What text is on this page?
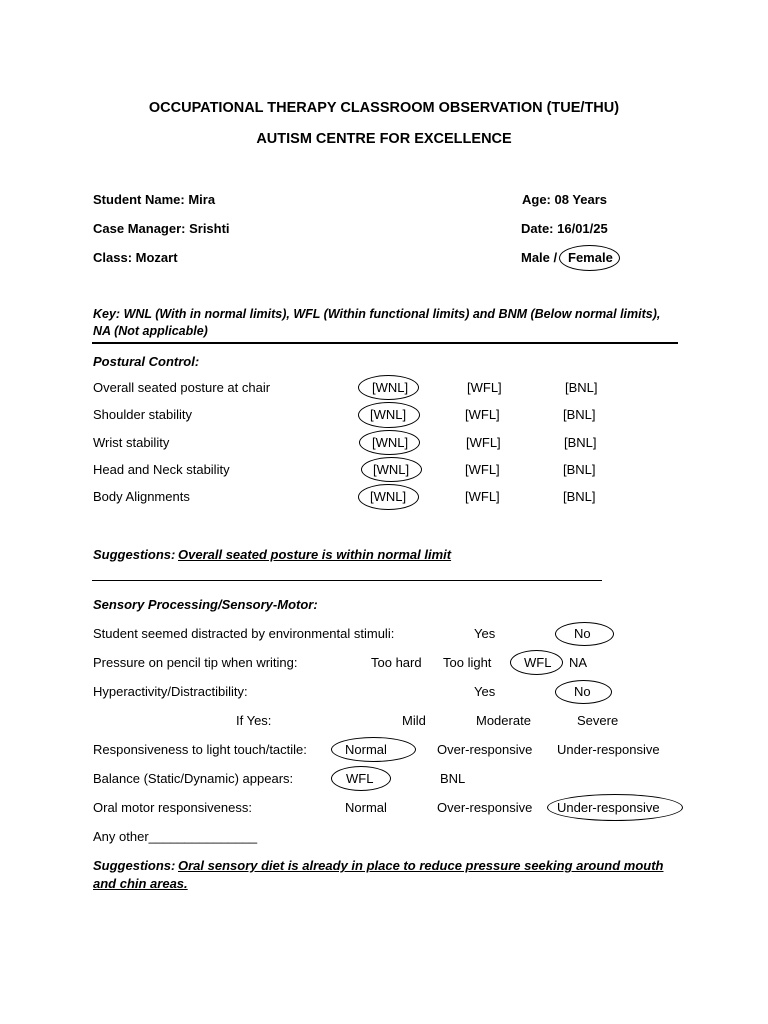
OCCUPATIONAL THERAPY CLASSROOM OBSERVATION (TUE/THU)
AUTISM CENTRE FOR EXCELLENCE
Student Name: Mira	Age: 08 Years
Case Manager: Srishti	Date: 16/01/25
Class: Mozart	Male / Female
Key: WNL (With in normal limits), WFL (Within functional limits) and BNM (Below normal limits),
NA (Not applicable)
Postural Control:
Overall seated posture at chair	[WNL]	[WFL]	[BNL]
Shoulder stability	[WNL]	[WFL]	[BNL]
Wrist stability	[WNL]	[WFL]	[BNL]
Head and Neck stability	[WNL]	[WFL]	[BNL]
Body Alignments	[WNL]	[WFL]	[BNL]
Suggestions: Overall seated posture is within normal limit
Sensory Processing/Sensory-Motor:
Student seemed distracted by environmental stimuli:	Yes	No
Pressure on pencil tip when writing:	Too hard Too light	WFL NA
Hyperactivity/Distractibility:	Yes	No
If Yes:	Mild	Moderate	Severe
Responsiveness to light touch/tactile:	Normal	Over-responsive Under-responsive
Balance (Static/Dynamic) appears:	WFL	BNL
Oral motor responsiveness:	Normal	Over-responsive Under-responsive
Any other_______________
Suggestions: Oral sensory diet is already in place to reduce pressure seeking around mouth
and chin areas.
